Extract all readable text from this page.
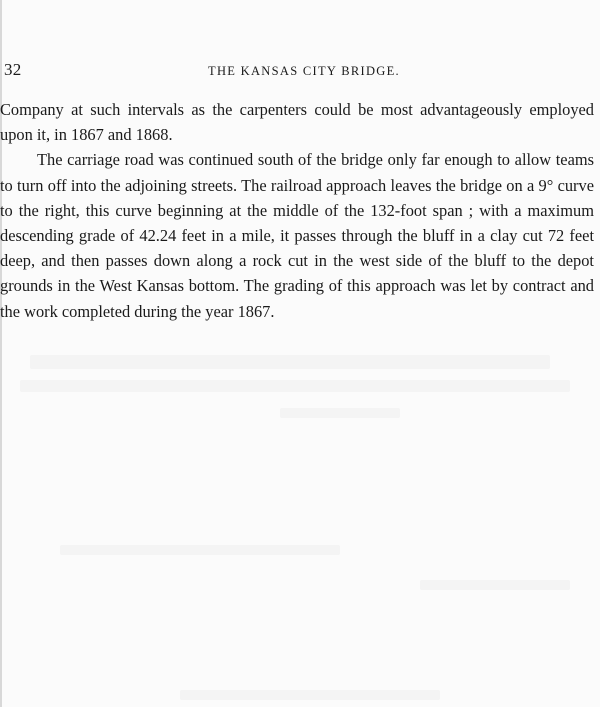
32	THE KANSAS CITY BRIDGE.

Company at such intervals as the carpenters could be most advantageously employed upon it, in 1867 and 1868.

The carriage road was continued south of the bridge only far enough to allow teams to turn off into the adjoining streets. The railroad approach leaves the bridge on a 9° curve to the right, this curve beginning at the middle of the 132-foot span ; with a maximum descending grade of 42.24 feet in a mile, it passes through the bluff in a clay cut 72 feet deep, and then passes down along a rock cut in the west side of the bluff to the depot grounds in the West Kansas bottom. The grading of this approach was let by contract and the work completed during the year 1867.
